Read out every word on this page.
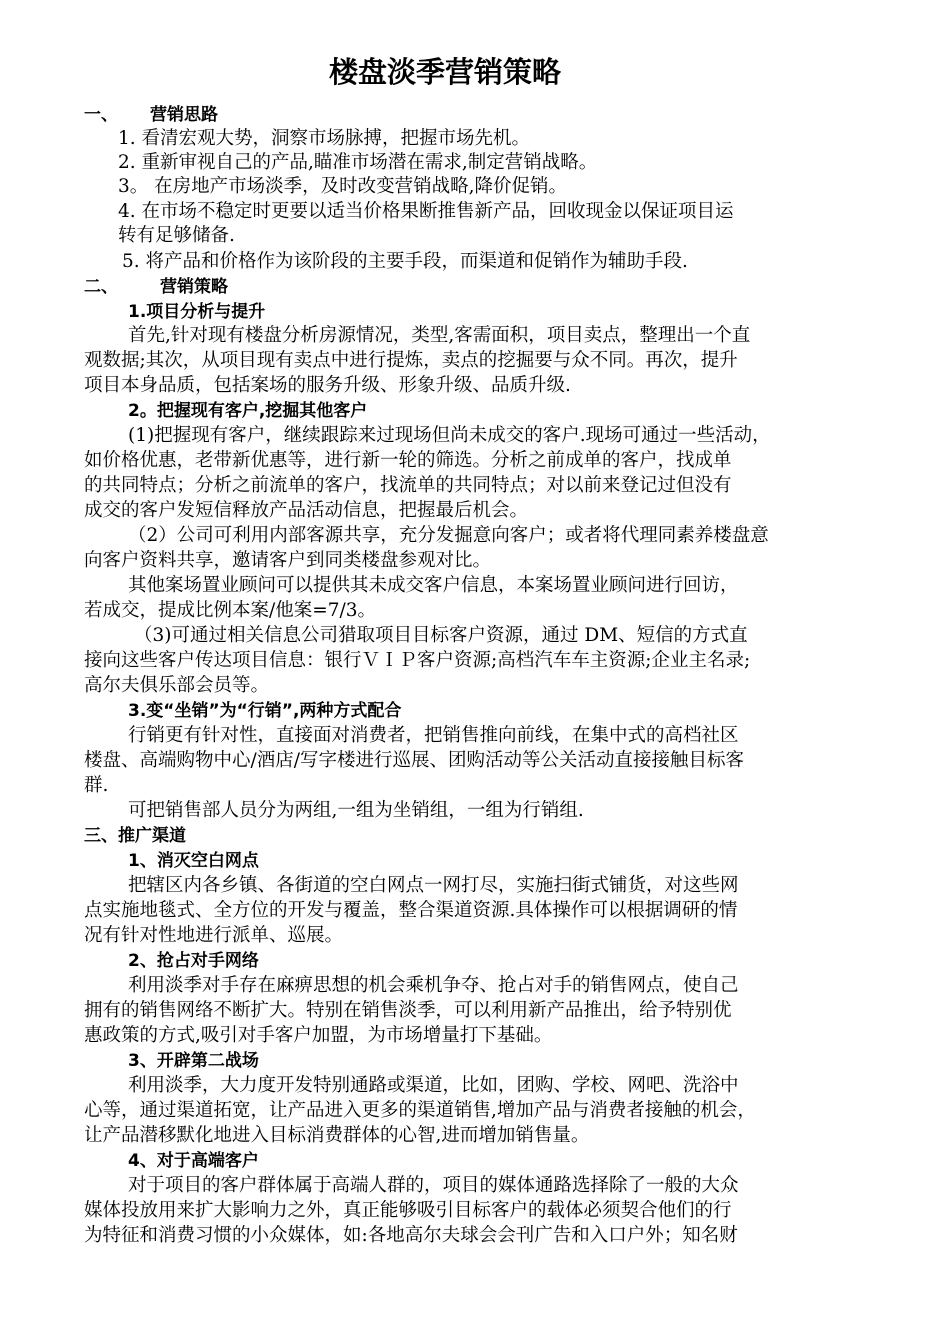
楼盘淡季营销策略
一、 营销思路
1. 看清宏观大势，洞察市场脉搏，把握市场先机。
2. 重新审视自己的产品,瞄准市场潜在需求,制定营销战略。
3。 在房地产市场淡季，及时改变营销战略,降价促销。
4. 在市场不稳定时更要以适当价格果断推售新产品，回收现金以保证项目运
转有足够储备.
5. 将产品和价格作为该阶段的主要手段，而渠道和促销作为辅助手段.
二、 营销策略
1.项目分析与提升
首先,针对现有楼盘分析房源情况，类型,客需面积，项目卖点，整理出一个直
观数据;其次，从项目现有卖点中进行提炼，卖点的挖掘要与众不同。再次，提升
项目本身品质，包括案场的服务升级、形象升级、品质升级.
2。把握现有客户,挖掘其他客户
(1)把握现有客户，继续跟踪来过现场但尚未成交的客户.现场可通过一些活动，
如价格优惠，老带新优惠等，进行新一轮的筛选。分析之前成单的客户，找成单
的共同特点；分析之前流单的客户，找流单的共同特点；对以前来登记过但没有
成交的客户发短信释放产品活动信息，把握最后机会。
（2）公司可利用内部客源共享，充分发掘意向客户；或者将代理同素养楼盘意
向客户资料共享，邀请客户到同类楼盘参观对比。
其他案场置业顾问可以提供其未成交客户信息，本案场置业顾问进行回访，
若成交，提成比例本案/他案=7/3。
（3)可通过相关信息公司猎取项目目标客户资源，通过 DM、短信的方式直
接向这些客户传达项目信息：银行ＶＩＰ客户资源;高档汽车车主资源;企业主名录;
高尔夫俱乐部会员等。
3.变“坐销”为“行销”,两种方式配合
行销更有针对性，直接面对消费者，把销售推向前线，在集中式的高档社区
楼盘、高端购物中心/酒店/写字楼进行巡展、团购活动等公关活动直接接触目标客
群.
可把销售部人员分为两组,一组为坐销组，一组为行销组.
三、推广渠道
1、消灭空白网点
把辖区内各乡镇、各街道的空白网点一网打尽，实施扫街式铺货，对这些网
点实施地毯式、全方位的开发与覆盖，整合渠道资源.具体操作可以根据调研的情
况有针对性地进行派单、巡展。
2、抢占对手网络
利用淡季对手存在麻痹思想的机会乘机争夺、抢占对手的销售网点，使自己
拥有的销售网络不断扩大。特别在销售淡季，可以利用新产品推出，给予特别优
惠政策的方式,吸引对手客户加盟，为市场增量打下基础。
3、开辟第二战场
利用淡季，大力度开发特别通路或渠道，比如，团购、学校、网吧、洗浴中
心等，通过渠道拓宽，让产品进入更多的渠道销售,增加产品与消费者接触的机会，
让产品潜移默化地进入目标消费群体的心智,进而增加销售量。
4、对于高端客户
对于项目的客户群体属于高端人群的，项目的媒体通路选择除了一般的大众
媒体投放用来扩大影响力之外，真正能够吸引目标客户的载体必须契合他们的行
为特征和消费习惯的小众媒体，如:各地高尔夫球会会刊广告和入口户外；知名财
